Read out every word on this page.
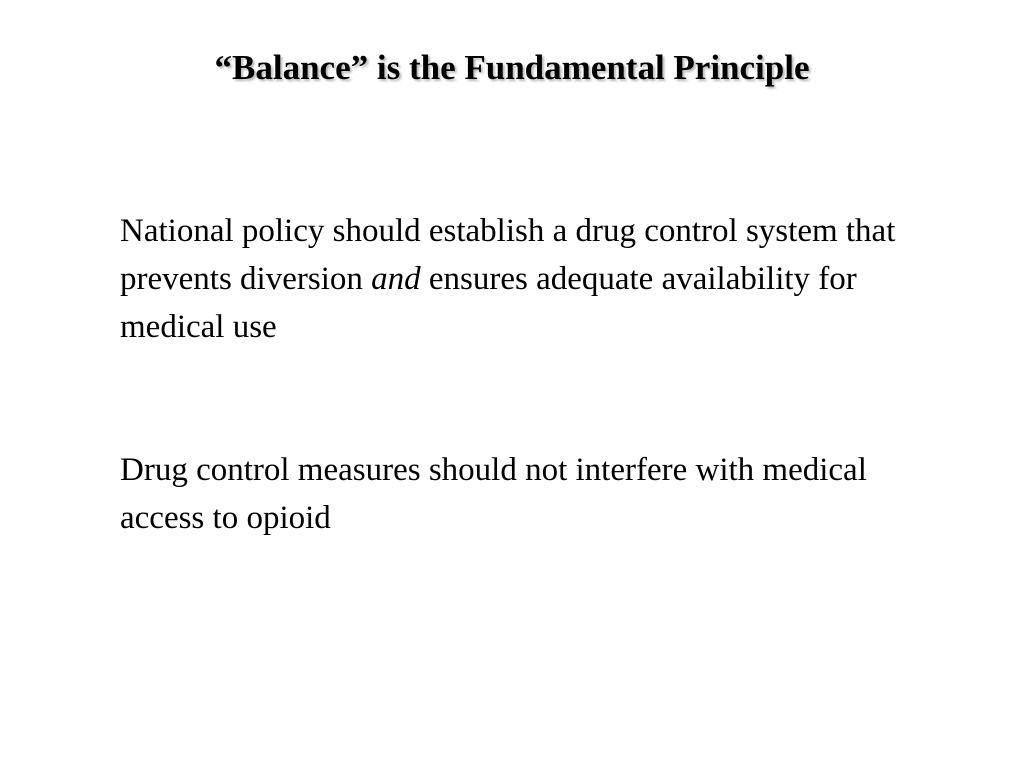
“Balance” is the Fundamental Principle

National policy should establish a drug control system that prevents diversion and ensures adequate availability for medical use

Drug control measures should not interfere with medical access to opioid
